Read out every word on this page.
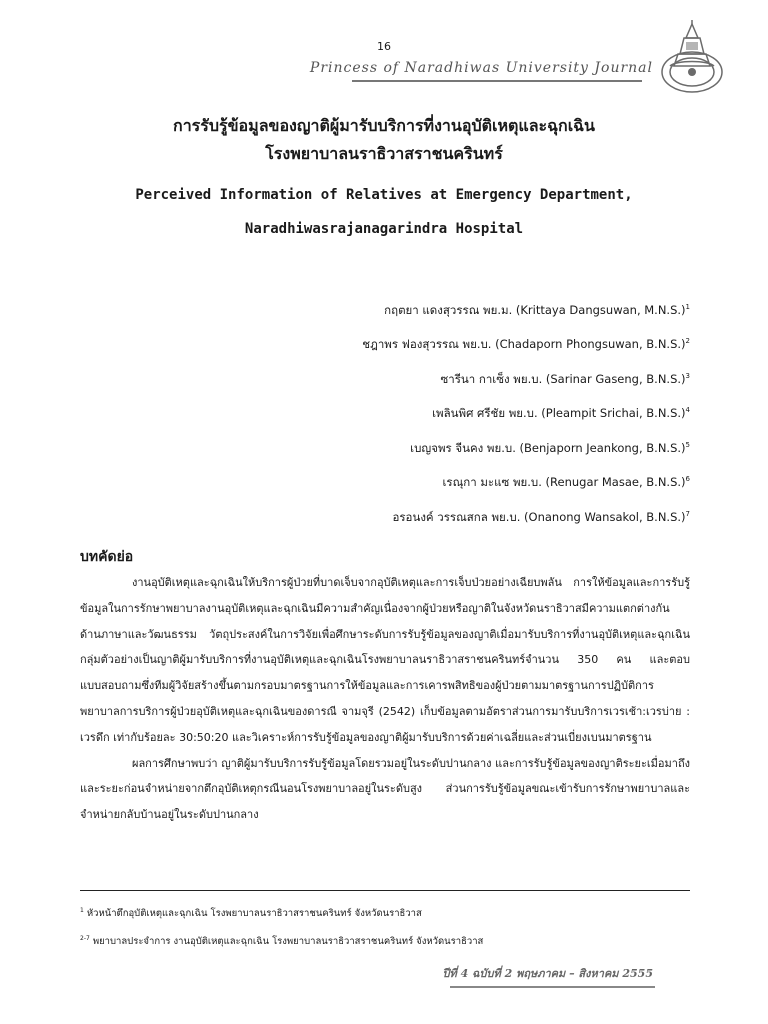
16
Princess of Naradhiwas University Journal
การรับรู้ข้อมูลของญาติผู้มารับบริการที่งานอุบัติเหตุและฉุกเฉิน
โรงพยาบาลนราธิวาสราชนครินทร์
Perceived Information of Relatives at Emergency Department,
Naradhiwasrajanagarindra Hospital
กฤตยา แดงสุวรรณ พย.ม. (Krittaya Dangsuwan, M.N.S.)$^1$
ชฎาพร ฟองสุวรรณ พย.บ. (Chadaporn Phongsuwan, B.N.S.)$^2$
ซารีนา กาเซ็ง พย.บ. (Sarinar Gaseng, B.N.S.)$^3$
เพลินพิศ ศรีชัย พย.บ. (Pleampit Srichai, B.N.S.)$^4$
เบญจพร จีนคง พย.บ. (Benjaporn Jeankong, B.N.S.)$^5$
เรณุกา มะแซ พย.บ. (Renugar Masae, B.N.S.)$^6$
อรอนงค์ วรรณสกล พย.บ. (Onanong Wansakol, B.N.S.)$^7$
บทคัดย่อ

งานอุบัติเหตุและฉุกเฉินให้บริการผู้ป่วยที่บาดเจ็บจากอุบัติเหตุและการเจ็บป่วยอย่างเฉียบพลัน การให้ข้อมูลและการรับรู้ข้อมูลในการรักษาพยาบาลงานอุบัติเหตุและฉุกเฉินมีความสำคัญเนื่องจากผู้ป่วยหรือญาติในจังหวัดนราธิวาสมีความแตกต่างกันด้านภาษาและวัฒนธรรม วัตถุประสงค์ในการวิจัยเพื่อศึกษาระดับการรับรู้ข้อมูลของญาติเมื่อมารับบริการที่งานอุบัติเหตุและฉุกเฉิน กลุ่มตัวอย่างเป็นญาติผู้มารับบริการที่งานอุบัติเหตุและฉุกเฉินโรงพยาบาลนราธิวาสราชนครินทร์จำนวน 350 คน และตอบแบบสอบถามซึ่งทีมผู้วิจัยสร้างขึ้นตามกรอบมาตรฐานการให้ข้อมูลและการเคารพสิทธิของผู้ป่วยตามมาตรฐานการปฏิบัติการพยาบาลการบริการผู้ป่วยอุบัติเหตุและฉุกเฉินของดารณี จามจุรี (2542) เก็บข้อมูลตามอัตราส่วนการมารับบริการเวรเช้า:เวรบ่าย : เวรดึก เท่ากับร้อยละ 30:50:20 และวิเคราะห์การรับรู้ข้อมูลของญาติผู้มารับบริการด้วยค่าเฉลี่ยและส่วนเบี่ยงเบนมาตรฐาน

ผลการศึกษาพบว่า ญาติผู้มารับบริการรับรู้ข้อมูลโดยรวมอยู่ในระดับปานกลาง และการรับรู้ข้อมูลของญาติระยะเมื่อมาถึงและระยะก่อนจำหน่ายจากตึกอุบัติเหตุกรณีนอนโรงพยาบาลอยู่ในระดับสูง ส่วนการรับรู้ข้อมูลขณะเข้ารับการรักษาพยาบาลและจำหน่ายกลับบ้านอยู่ในระดับปานกลาง

$^1$ หัวหน้าตึกอุบัติเหตุและฉุกเฉิน โรงพยาบาลนราธิวาสราชนครินทร์ จังหวัดนราธิวาส
$^{2-7}$ พยาบาลประจำการ งานอุบัติเหตุและฉุกเฉิน โรงพยาบาลนราธิวาสราชนครินทร์ จังหวัดนราธิวาส
ปีที่ 4 ฉบับที่ 2 พฤษภาคม – สิงหาคม 2555
